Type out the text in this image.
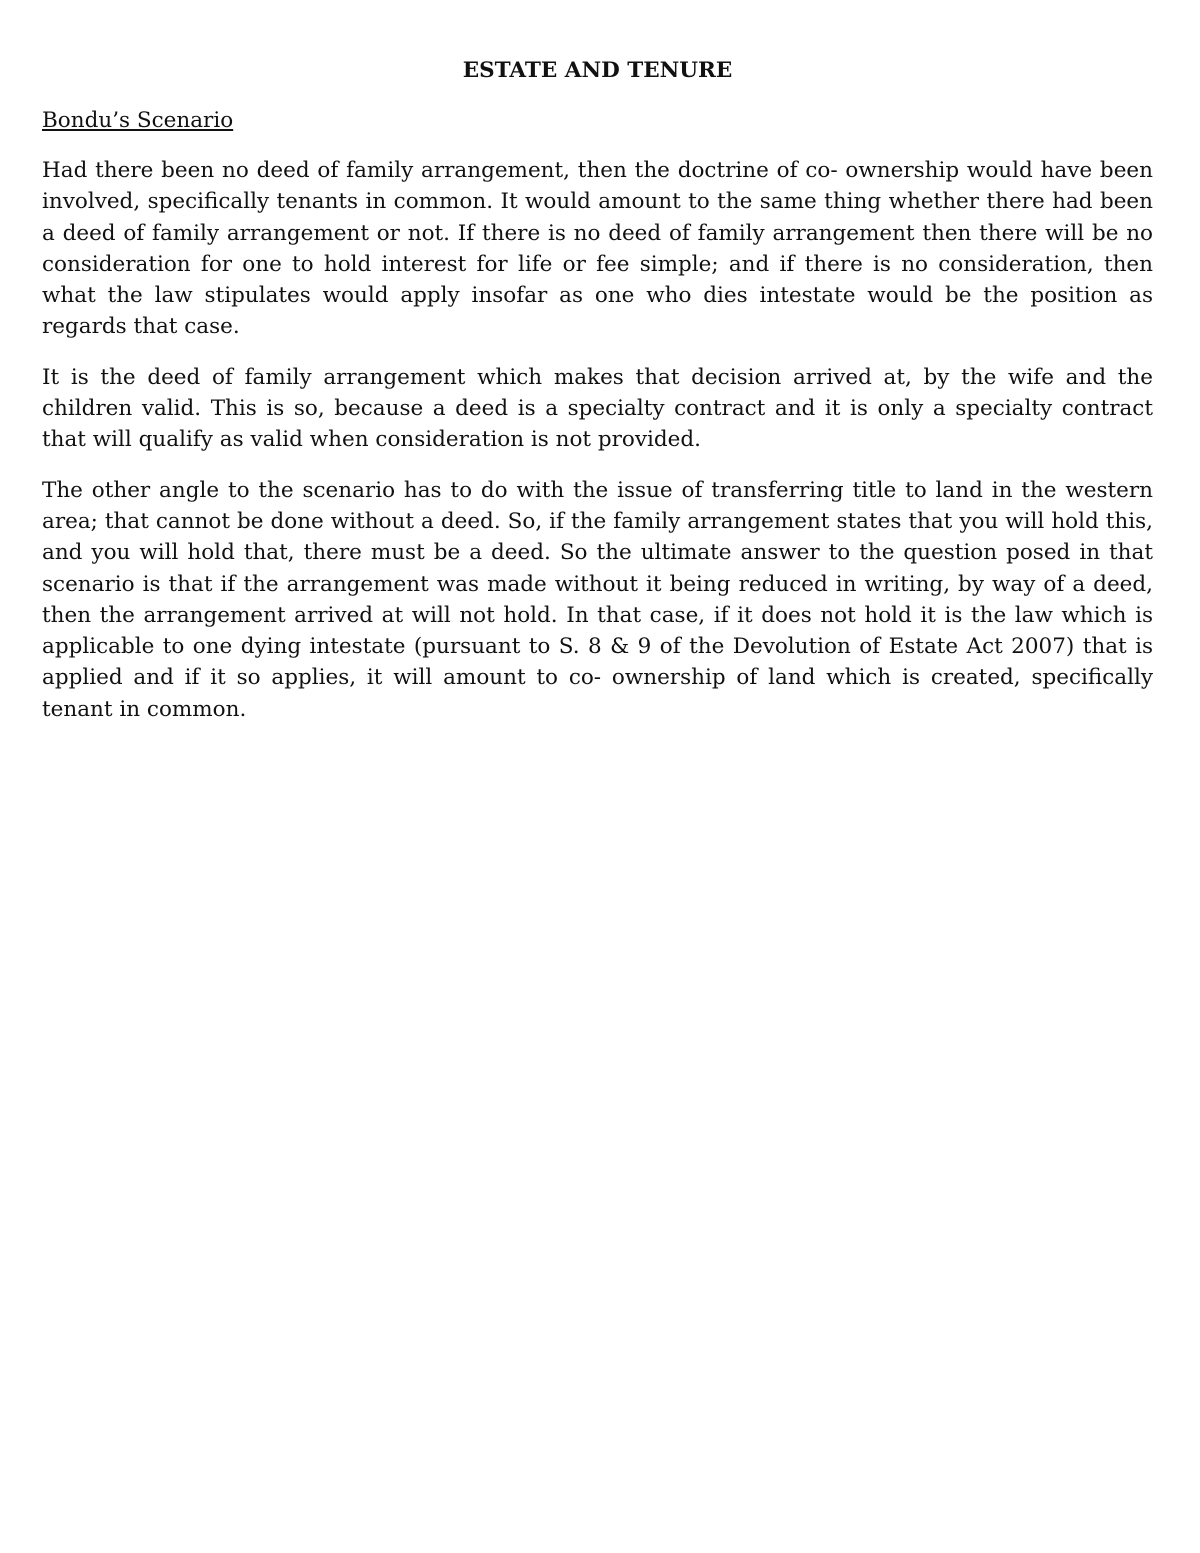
ESTATE AND TENURE
Bondu’s Scenario

Had there been no deed of family arrangement, then the doctrine of co- ownership would have been involved, specifically tenants in common. It would amount to the same thing whether there had been a deed of family arrangement or not. If there is no deed of family arrangement then there will be no consideration for one to hold interest for life or fee simple; and if there is no consideration, then what the law stipulates would apply insofar as one who dies intestate would be the position as regards that case.

It is the deed of family arrangement which makes that decision arrived at, by the wife and the children valid. This is so, because a deed is a specialty contract and it is only a specialty contract that will qualify as valid when consideration is not provided.

The other angle to the scenario has to do with the issue of transferring title to land in the western area; that cannot be done without a deed. So, if the family arrangement states that you will hold this, and you will hold that, there must be a deed. So the ultimate answer to the question posed in that scenario is that if the arrangement was made without it being reduced in writing, by way of a deed, then the arrangement arrived at will not hold. In that case, if it does not hold it is the law which is applicable to one dying intestate (pursuant to S. 8 & 9 of the Devolution of Estate Act 2007) that is applied and if it so applies, it will amount to co- ownership of land which is created, specifically tenant in common.
